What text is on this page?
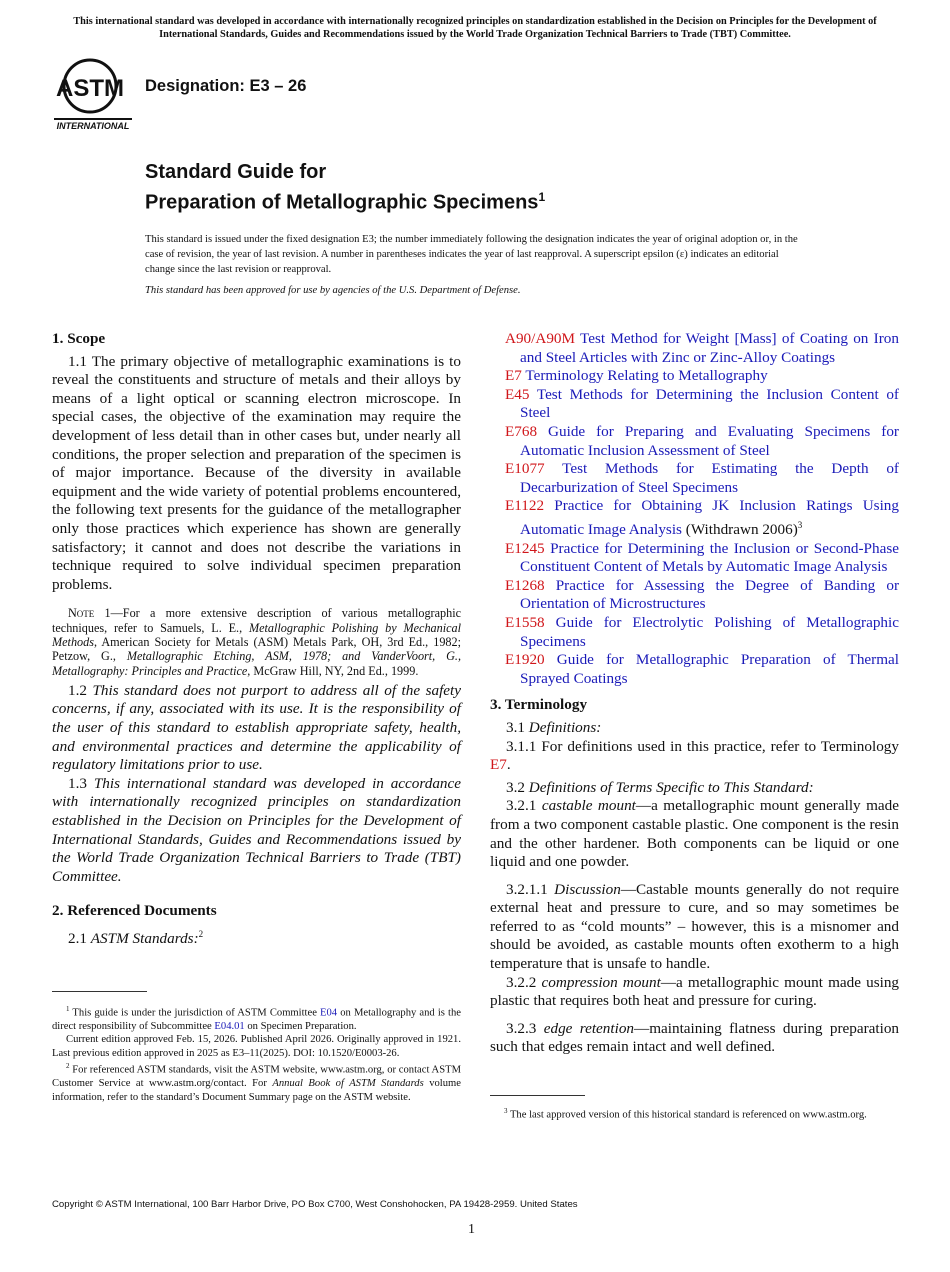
This international standard was developed in accordance with internationally recognized principles on standardization established in the Decision on Principles for the Development of International Standards, Guides and Recommendations issued by the World Trade Organization Technical Barriers to Trade (TBT) Committee.
ASTM
INTERNATIONAL
Designation: E3 – 26
Standard Guide for
Preparation of Metallographic Specimens$^1$
This standard is issued under the fixed designation E3; the number immediately following the designation indicates the year of original adoption or, in the case of revision, the year of last revision. A number in parentheses indicates the year of last reapproval. A superscript epsilon (ε) indicates an editorial change since the last revision or reapproval.
This standard has been approved for use by agencies of the U.S. Department of Defense.
1. Scope

1.1 The primary objective of metallographic examinations is to reveal the constituents and structure of metals and their alloys by means of a light optical or scanning electron microscope. In special cases, the objective of the examination may require the development of less detail than in other cases but, under nearly all conditions, the proper selection and preparation of the specimen is of major importance. Because of the diversity in available equipment and the wide variety of potential problems encountered, the following text presents for the guidance of the metallographer only those practices which experience has shown are generally satisfactory; it cannot and does not describe the variations in technique required to solve individual specimen preparation problems.

Note 1—For a more extensive description of various metallographic techniques, refer to Samuels, L. E., Metallographic Polishing by Mechanical Methods, American Society for Metals (ASM) Metals Park, OH, 3rd Ed., 1982; Petzow, G., Metallographic Etching, ASM, 1978; and VanderVoort, G., Metallography: Principles and Practice, McGraw Hill, NY, 2nd Ed., 1999.

1.2 This standard does not purport to address all of the safety concerns, if any, associated with its use. It is the responsibility of the user of this standard to establish appropriate safety, health, and environmental practices and determine the applicability of regulatory limitations prior to use.

1.3 This international standard was developed in accordance with internationally recognized principles on standardization established in the Decision on Principles for the Development of International Standards, Guides and Recommendations issued by the World Trade Organization Technical Barriers to Trade (TBT) Committee.

2. Referenced Documents

2.1 ASTM Standards:$^2$

$^1$ This guide is under the jurisdiction of ASTM Committee E04 on Metallography and is the direct responsibility of Subcommittee E04.01 on Specimen Preparation.

Current edition approved Feb. 15, 2026. Published April 2026. Originally approved in 1921. Last previous edition approved in 2025 as E3–11(2025). DOI: 10.1520/E0003-26.

$^2$ For referenced ASTM standards, visit the ASTM website, www.astm.org, or contact ASTM Customer Service at www.astm.org/contact. For Annual Book of ASTM Standards volume information, refer to the standard’s Document Summary page on the ASTM website.

A90/A90M Test Method for Weight [Mass] of Coating on Iron and Steel Articles with Zinc or Zinc-Alloy Coatings

E7 Terminology Relating to Metallography

E45 Test Methods for Determining the Inclusion Content of Steel

E768 Guide for Preparing and Evaluating Specimens for Automatic Inclusion Assessment of Steel

E1077 Test Methods for Estimating the Depth of Decarburization of Steel Specimens

E1122 Practice for Obtaining JK Inclusion Ratings Using Automatic Image Analysis (Withdrawn 2006)$^3$

E1245 Practice for Determining the Inclusion or Second-Phase Constituent Content of Metals by Automatic Image Analysis

E1268 Practice for Assessing the Degree of Banding or Orientation of Microstructures

E1558 Guide for Electrolytic Polishing of Metallographic Specimens

E1920 Guide for Metallographic Preparation of Thermal Sprayed Coatings

3. Terminology

3.1 Definitions:

3.1.1 For definitions used in this practice, refer to Terminology E7.

3.2 Definitions of Terms Specific to This Standard:

3.2.1 castable mount—a metallographic mount generally made from a two component castable plastic. One component is the resin and the other hardener. Both components can be liquid or one liquid and one powder.

3.2.1.1 Discussion—Castable mounts generally do not require external heat and pressure to cure, and so may sometimes be referred to as “cold mounts” – however, this is a misnomer and should be avoided, as castable mounts often exotherm to a high temperature that is unsafe to handle.

3.2.2 compression mount—a metallographic mount made using plastic that requires both heat and pressure for curing.

3.2.3 edge retention—maintaining flatness during preparation such that edges remain intact and well defined.

$^3$ The last approved version of this historical standard is referenced on www.astm.org.

Copyright © ASTM International, 100 Barr Harbor Drive, PO Box C700, West Conshohocken, PA 19428-2959. United States
1
